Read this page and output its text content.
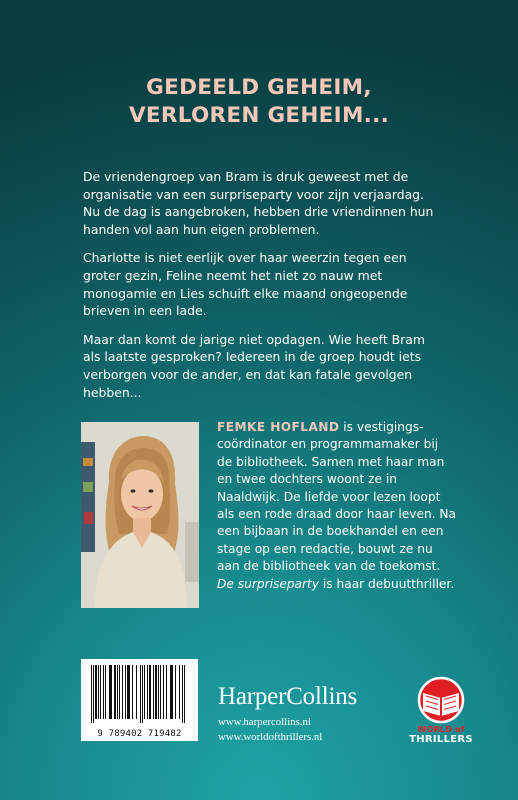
GEDEELD GEHEIM,
VERLOREN GEHEIM...

De vriendengroep van Bram is druk geweest met de organisatie van een surpriseparty voor zijn verjaardag. Nu de dag is aangebroken, hebben drie vriendinnen hun handen vol aan hun eigen problemen.

Charlotte is niet eerlijk over haar weerzin tegen een groter gezin, Feline neemt het niet zo nauw met monogamie en Lies schuift elke maand ongeopende brieven in een lade.

Maar dan komt de jarige niet opdagen. Wie heeft Bram als laatste gesproken? Iedereen in de groep houdt iets verborgen voor de ander, en dat kan fatale gevolgen hebben...

FEMKE HOFLAND is vestigingscoördinator en programmamaker bij de bibliotheek. Samen met haar man en twee dochters woont ze in Naaldwijk. De liefde voor lezen loopt als een rode draad door haar leven. Na een bijbaan in de boekhandel en een stage op een redactie, bouwt ze nu aan de bibliotheek van de toekomst. De surpriseparty is haar debuutthriller.
9 789402 719482
HarperCollins
www.harpercollins.nl
www.worldofthrillers.nl
WORLD of
THRILLERS
